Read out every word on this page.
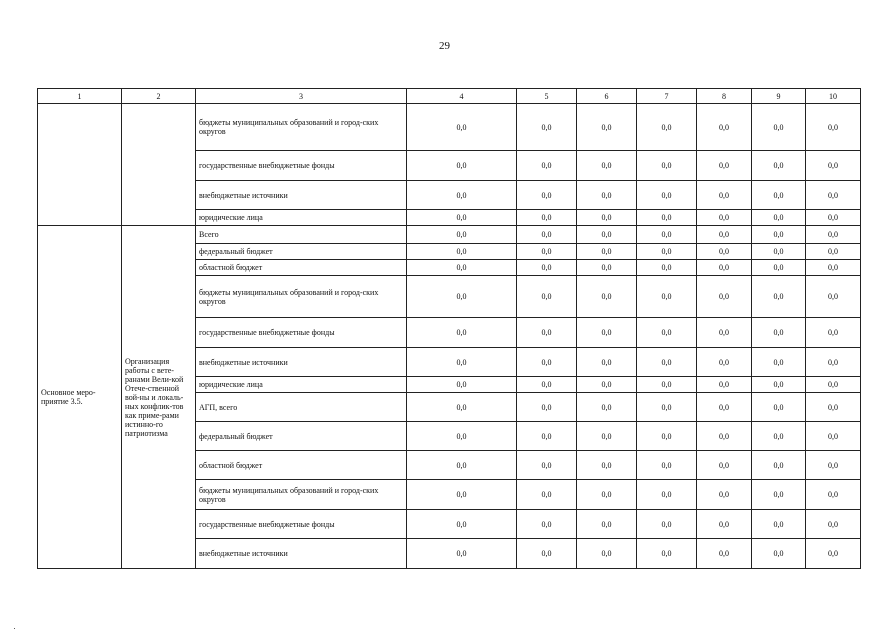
29
1	2	3	4	5	6	7	8	9	10
		бюджеты муниципальных образований и город-ских округов	0,0	0,0	0,0	0,0	0,0	0,0	0,0
		государственные внебюджетные фонды	0,0	0,0	0,0	0,0	0,0	0,0	0,0
		внебюджетные источники	0,0	0,0	0,0	0,0	0,0	0,0	0,0
		юридические лица	0,0	0,0	0,0	0,0	0,0	0,0	0,0
Основное меро-приятие 3.5.	Организация работы с вете-ранами Вели-кой Отече-ственной вой-ны и локаль-ных конфлик-тов как приме-рами истинно-го патриотизма	Всего	0,0	0,0	0,0	0,0	0,0	0,0	0,0
		федеральный бюджет	0,0	0,0	0,0	0,0	0,0	0,0	0,0
		областной бюджет	0,0	0,0	0,0	0,0	0,0	0,0	0,0
		бюджеты муниципальных образований и город-ских округов	0,0	0,0	0,0	0,0	0,0	0,0	0,0
		государственные внебюджетные фонды	0,0	0,0	0,0	0,0	0,0	0,0	0,0
		внебюджетные источники	0,0	0,0	0,0	0,0	0,0	0,0	0,0
		юридические лица	0,0	0,0	0,0	0,0	0,0	0,0	0,0
		АГП, всего	0,0	0,0	0,0	0,0	0,0	0,0	0,0
		федеральный бюджет	0,0	0,0	0,0	0,0	0,0	0,0	0,0
		областной бюджет	0,0	0,0	0,0	0,0	0,0	0,0	0,0
		бюджеты муниципальных образований и город-ских округов	0,0	0,0	0,0	0,0	0,0	0,0	0,0
		государственные внебюджетные фонды	0,0	0,0	0,0	0,0	0,0	0,0	0,0
		внебюджетные источники	0,0	0,0	0,0	0,0	0,0	0,0	0,0
